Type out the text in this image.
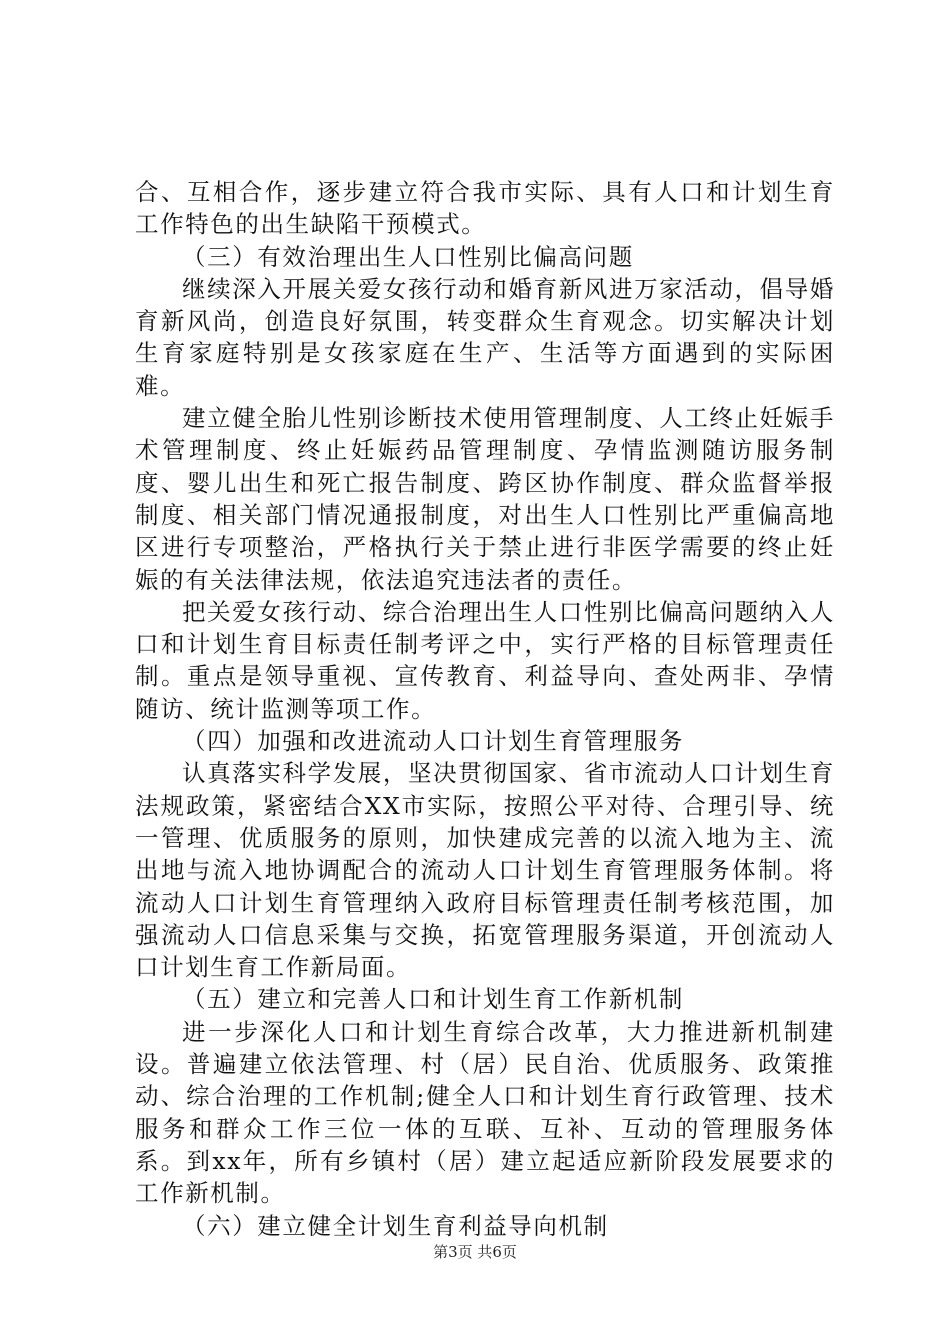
合、互相合作，逐步建立符合我市实际、具有人口和计划生育工作特色的出生缺陷干预模式。

（三）有效治理出生人口性别比偏高问题

继续深入开展关爱女孩行动和婚育新风进万家活动，倡导婚育新风尚，创造良好氛围，转变群众生育观念。切实解决计划生育家庭特别是女孩家庭在生产、生活等方面遇到的实际困难。

建立健全胎儿性别诊断技术使用管理制度、人工终止妊娠手术管理制度、终止妊娠药品管理制度、孕情监测随访服务制度、婴儿出生和死亡报告制度、跨区协作制度、群众监督举报制度、相关部门情况通报制度，对出生人口性别比严重偏高地区进行专项整治，严格执行关于禁止进行非医学需要的终止妊娠的有关法律法规，依法追究违法者的责任。

把关爱女孩行动、综合治理出生人口性别比偏高问题纳入人口和计划生育目标责任制考评之中，实行严格的目标管理责任制。重点是领导重视、宣传教育、利益导向、查处两非、孕情随访、统计监测等项工作。

（四）加强和改进流动人口计划生育管理服务

认真落实科学发展，坚决贯彻国家、省市流动人口计划生育法规政策，紧密结合XX市实际，按照公平对待、合理引导、统一管理、优质服务的原则，加快建成完善的以流入地为主、流出地与流入地协调配合的流动人口计划生育管理服务体制。将流动人口计划生育管理纳入政府目标管理责任制考核范围，加强流动人口信息采集与交换，拓宽管理服务渠道，开创流动人口计划生育工作新局面。

（五）建立和完善人口和计划生育工作新机制

进一步深化人口和计划生育综合改革，大力推进新机制建设。普遍建立依法管理、村（居）民自治、优质服务、政策推动、综合治理的工作机制;健全人口和计划生育行政管理、技术服务和群众工作三位一体的互联、互补、互动的管理服务体系。到xx年，所有乡镇村（居）建立起适应新阶段发展要求的工作新机制。

（六）建立健全计划生育利益导向机制

第3页 共6页
